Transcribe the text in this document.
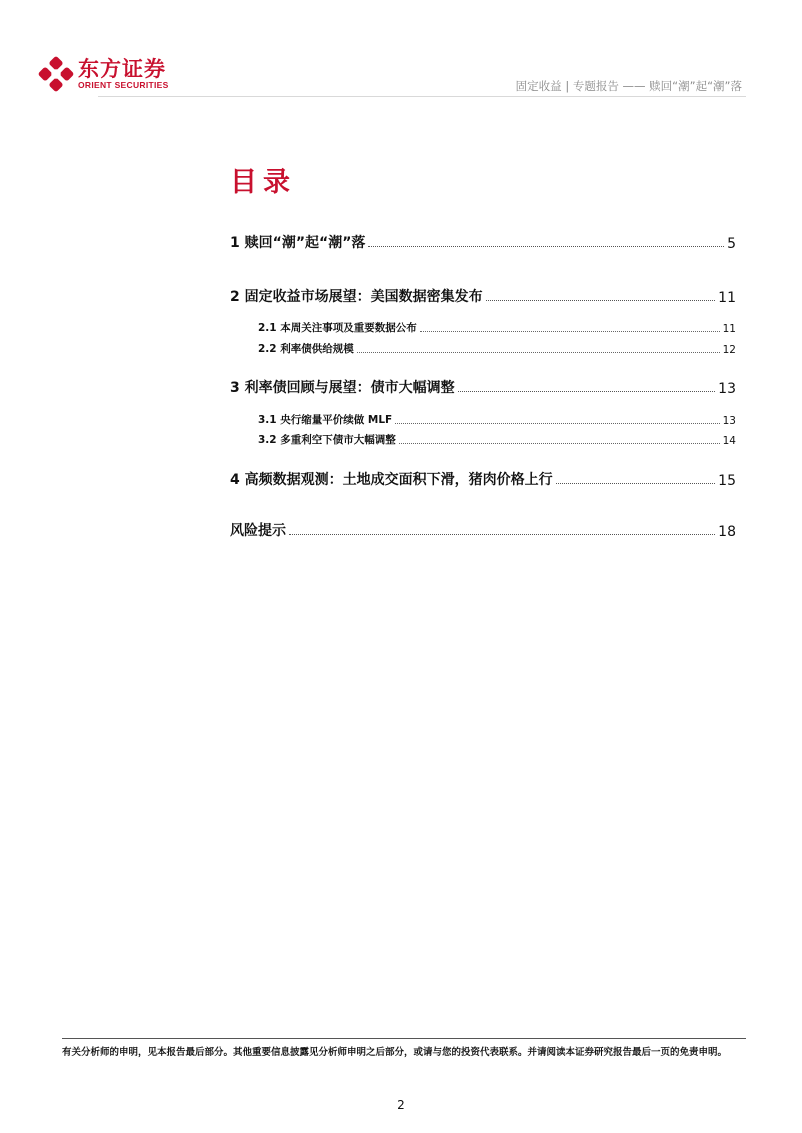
东方证券
ORIENT SECURITIES	固定收益 | 专题报告 —— 赎回“潮”起“潮”落
目录
1 赎回“潮”起“潮”落	5
2 固定收益市场展望：美国数据密集发布	11
2.1 本周关注事项及重要数据公布	11
2.2 利率债供给规模	12
3 利率债回顾与展望：债市大幅调整	13
3.1 央行缩量平价续做 MLF	13
3.2 多重利空下债市大幅调整	14
4 高频数据观测：土地成交面积下滑，猪肉价格上行	15
风险提示	18
有关分析师的申明，见本报告最后部分。其他重要信息披露见分析师申明之后部分，或请与您的投资代表联系。并请阅读本证券研究报告最后一页的免责申明。
2
